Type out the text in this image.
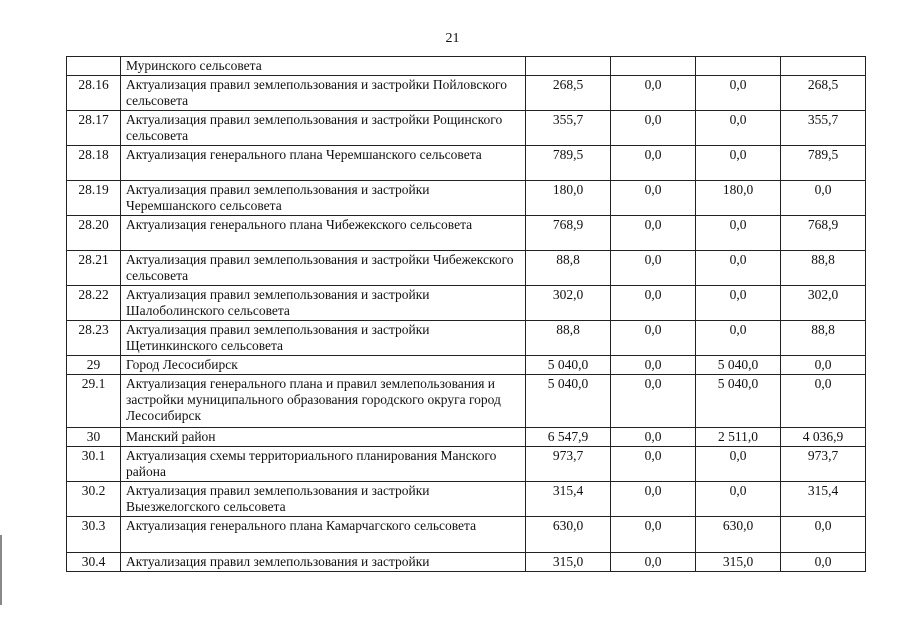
21
	Муринского сельсовета				
28.16	Актуализация правил землепользования и застройки Пойловского сельсовета	268,5	0,0	0,0	268,5
28.17	Актуализация правил землепользования и застройки Рощинского сельсовета	355,7	0,0	0,0	355,7
28.18	Актуализация генерального плана Черемшанского сельсовета	789,5	0,0	0,0	789,5
28.19	Актуализация правил землепользования и застройки Черемшанского сельсовета	180,0	0,0	180,0	0,0
28.20	Актуализация генерального плана Чибежекского сельсовета	768,9	0,0	0,0	768,9
28.21	Актуализация правил землепользования и застройки Чибежекского сельсовета	88,8	0,0	0,0	88,8
28.22	Актуализация правил землепользования и застройки Шалоболинского сельсовета	302,0	0,0	0,0	302,0
28.23	Актуализация правил землепользования и застройки Щетинкинского сельсовета	88,8	0,0	0,0	88,8
29	Город Лесосибирск	5 040,0	0,0	5 040,0	0,0
29.1	Актуализация генерального плана и правил землепользования и застройки муниципального образования городского округа город Лесосибирск	5 040,0	0,0	5 040,0	0,0
30	Манский район	6 547,9	0,0	2 511,0	4 036,9
30.1	Актуализация схемы территориального планирования Манского района	973,7	0,0	0,0	973,7
30.2	Актуализация правил землепользования и застройки Выезжелогского сельсовета	315,4	0,0	0,0	315,4
30.3	Актуализация генерального плана Камарчагского сельсовета	630,0	0,0	630,0	0,0
30.4	Актуализация правил землепользования и застройки	315,0	0,0	315,0	0,0
